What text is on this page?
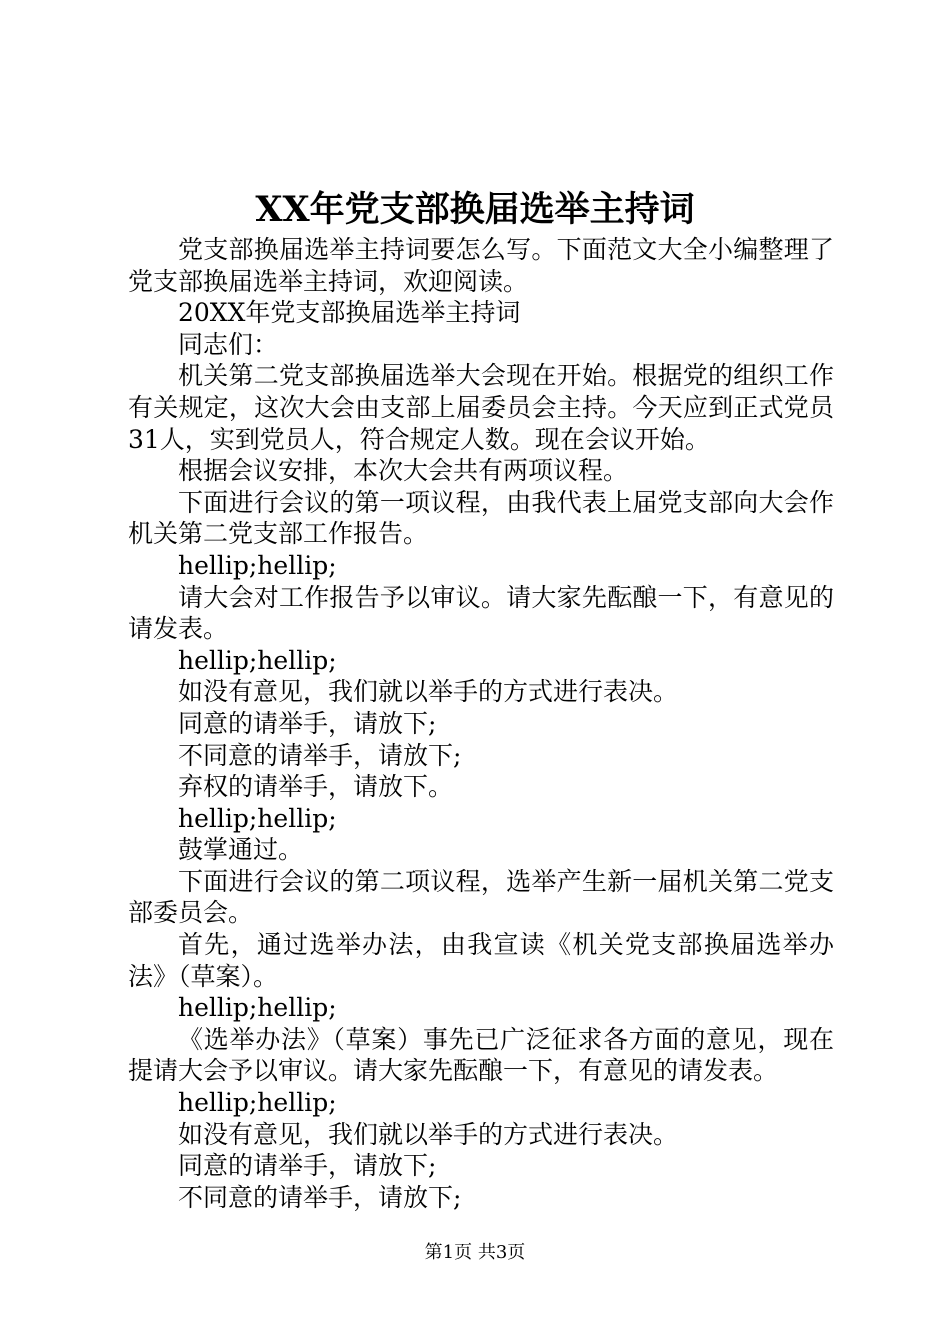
XX年党支部换届选举主持词

党支部换届选举主持词要怎么写。下面范文大全小编整理了党支部换届选举主持词，欢迎阅读。

20XX年党支部换届选举主持词

同志们：

机关第二党支部换届选举大会现在开始。根据党的组织工作有关规定，这次大会由支部上届委员会主持。今天应到正式党员31人，实到党员人，符合规定人数。现在会议开始。

根据会议安排，本次大会共有两项议程。

下面进行会议的第一项议程，由我代表上届党支部向大会作机关第二党支部工作报告。

hellip;hellip;

请大会对工作报告予以审议。请大家先酝酿一下，有意见的请发表。

hellip;hellip;

如没有意见，我们就以举手的方式进行表决。

同意的请举手，请放下;

不同意的请举手，请放下;

弃权的请举手，请放下。

hellip;hellip;

鼓掌通过。

下面进行会议的第二项议程，选举产生新一届机关第二党支部委员会。

首先，通过选举办法，由我宣读《机关党支部换届选举办法》（草案）。

hellip;hellip;

《选举办法》（草案）事先已广泛征求各方面的意见，现在提请大会予以审议。请大家先酝酿一下，有意见的请发表。

hellip;hellip;

如没有意见，我们就以举手的方式进行表决。

同意的请举手，请放下;

不同意的请举手，请放下;

第1页 共3页
